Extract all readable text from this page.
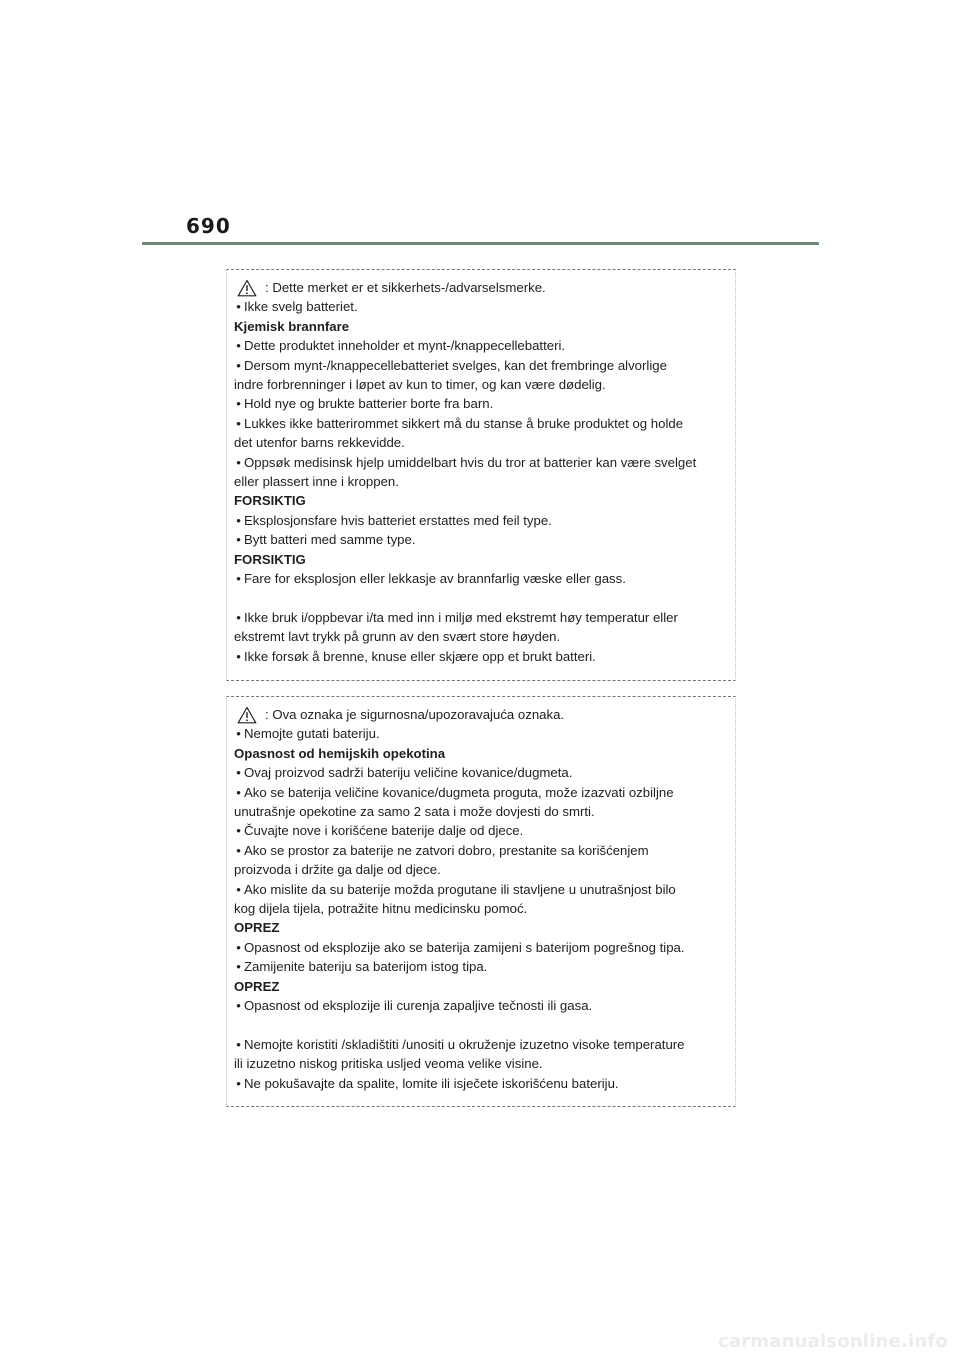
690
: Dette merket er et sikkerhets-/advarselsmerke.
• Ikke svelg batteriet.
Kjemisk brannfare
• Dette produktet inneholder et mynt-/knappecellebatteri.
• Dersom mynt-/knappecellebatteriet svelges, kan det frembringe alvorlige
indre forbrenninger i løpet av kun to timer, og kan være dødelig.
• Hold nye og brukte batterier borte fra barn.
• Lukkes ikke batterirommet sikkert må du stanse å bruke produktet og holde
det utenfor barns rekkevidde.
• Oppsøk medisinsk hjelp umiddelbart hvis du tror at batterier kan være svelget
eller plassert inne i kroppen.
FORSIKTIG
• Eksplosjonsfare hvis batteriet erstattes med feil type.
• Bytt batteri med samme type.
FORSIKTIG
• Fare for eksplosjon eller lekkasje av brannfarlig væske eller gass.
• Ikke bruk i/oppbevar i/ta med inn i miljø med ekstremt høy temperatur eller
ekstremt lavt trykk på grunn av den svært store høyden.
• Ikke forsøk å brenne, knuse eller skjære opp et brukt batteri.
: Ova oznaka je sigurnosna/upozoravajuća oznaka.
• Nemojte gutati bateriju.
Opasnost od hemijskih opekotina
• Ovaj proizvod sadrži bateriju veličine kovanice/dugmeta.
• Ako se baterija veličine kovanice/dugmeta proguta, može izazvati ozbiljne
unutrašnje opekotine za samo 2 sata i može dovjesti do smrti.
• Čuvajte nove i korišćene baterije dalje od djece.
• Ako se prostor za baterije ne zatvori dobro, prestanite sa korišćenjem
proizvoda i držite ga dalje od djece.
• Ako mislite da su baterije možda progutane ili stavljene u unutrašnjost bilo
kog dijela tijela, potražite hitnu medicinsku pomoć.
OPREZ
• Opasnost od eksplozije ako se baterija zamijeni s baterijom pogrešnog tipa.
• Zamijenite bateriju sa baterijom istog tipa.
OPREZ
• Opasnost od eksplozije ili curenja zapaljive tečnosti ili gasa.
• Nemojte koristiti /skladištiti /unositi u okruženje izuzetno visoke temperature
ili izuzetno niskog pritiska usljed veoma velike visine.
• Ne pokušavajte da spalite, lomite ili isječete iskorišćenu bateriju.
carmanualsonline.info
